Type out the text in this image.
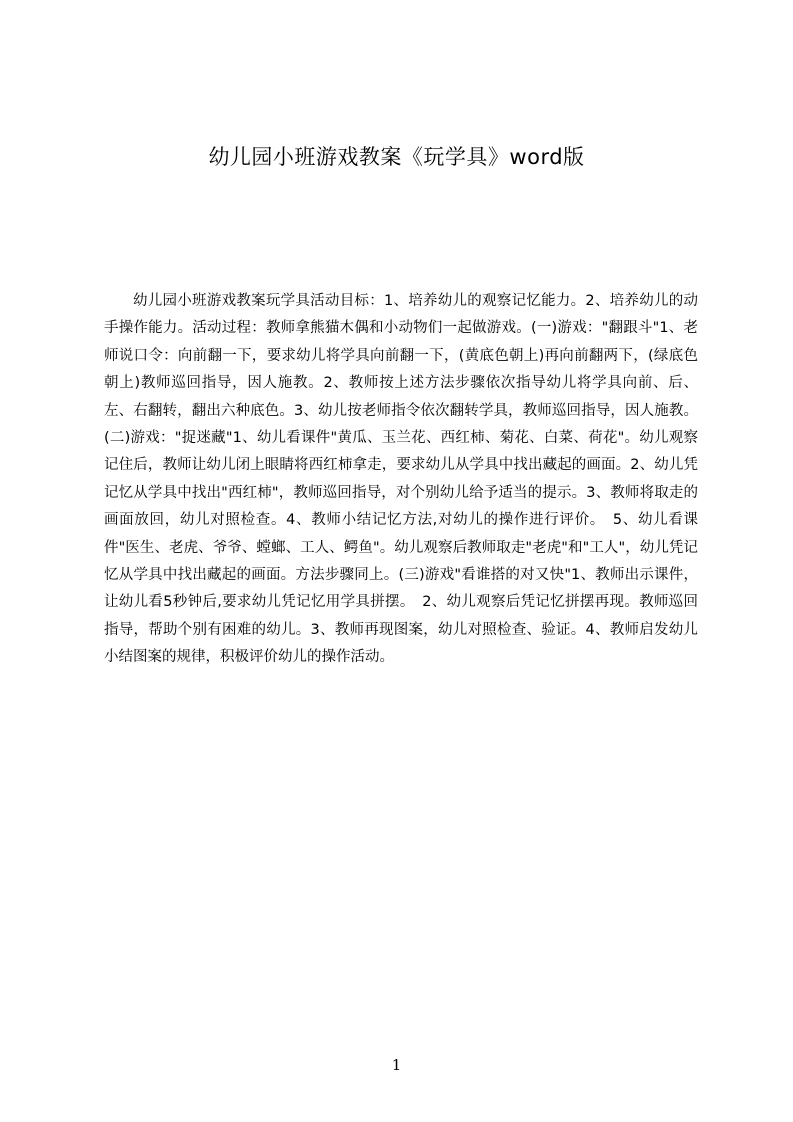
幼儿园小班游戏教案《玩学具》word版
幼儿园小班游戏教案玩学具活动目标：1、培养幼儿的观察记忆能力。2、培养幼儿的动手操作能力。活动过程：教师拿熊猫木偶和小动物们一起做游戏。(一)游戏："翻跟斗"1、老师说口令：向前翻一下，要求幼儿将学具向前翻一下，(黄底色朝上)再向前翻两下，(绿底色朝上)教师巡回指导，因人施教。2、教师按上述方法步骤依次指导幼儿将学具向前、后、左、右翻转，翻出六种底色。3、幼儿按老师指令依次翻转学具，教师巡回指导，因人施教。(二)游戏："捉迷藏"1、幼儿看课件"黄瓜、玉兰花、西红柿、菊花、白菜、荷花"。幼儿观察记住后，教师让幼儿闭上眼睛将西红柿拿走，要求幼儿从学具中找出藏起的画面。2、幼儿凭记忆从学具中找出"西红柿"，教师巡回指导，对个别幼儿给予适当的提示。3、教师将取走的画面放回，幼儿对照检查。4、教师小结记忆方法,对幼儿的操作进行评价。　5、幼儿看课件"医生、老虎、爷爷、螳螂、工人、鳄鱼"。幼儿观察后教师取走"老虎"和"工人"，幼儿凭记忆从学具中找出藏起的画面。方法步骤同上。(三)游戏"看谁搭的对又快"1、教师出示课件，让幼儿看5秒钟后,要求幼儿凭记忆用学具拼摆。　2、幼儿观察后凭记忆拼摆再现。教师巡回指导，帮助个别有困难的幼儿。3、教师再现图案，幼儿对照检查、验证。4、教师启发幼儿小结图案的规律，积极评价幼儿的操作活动。
1
